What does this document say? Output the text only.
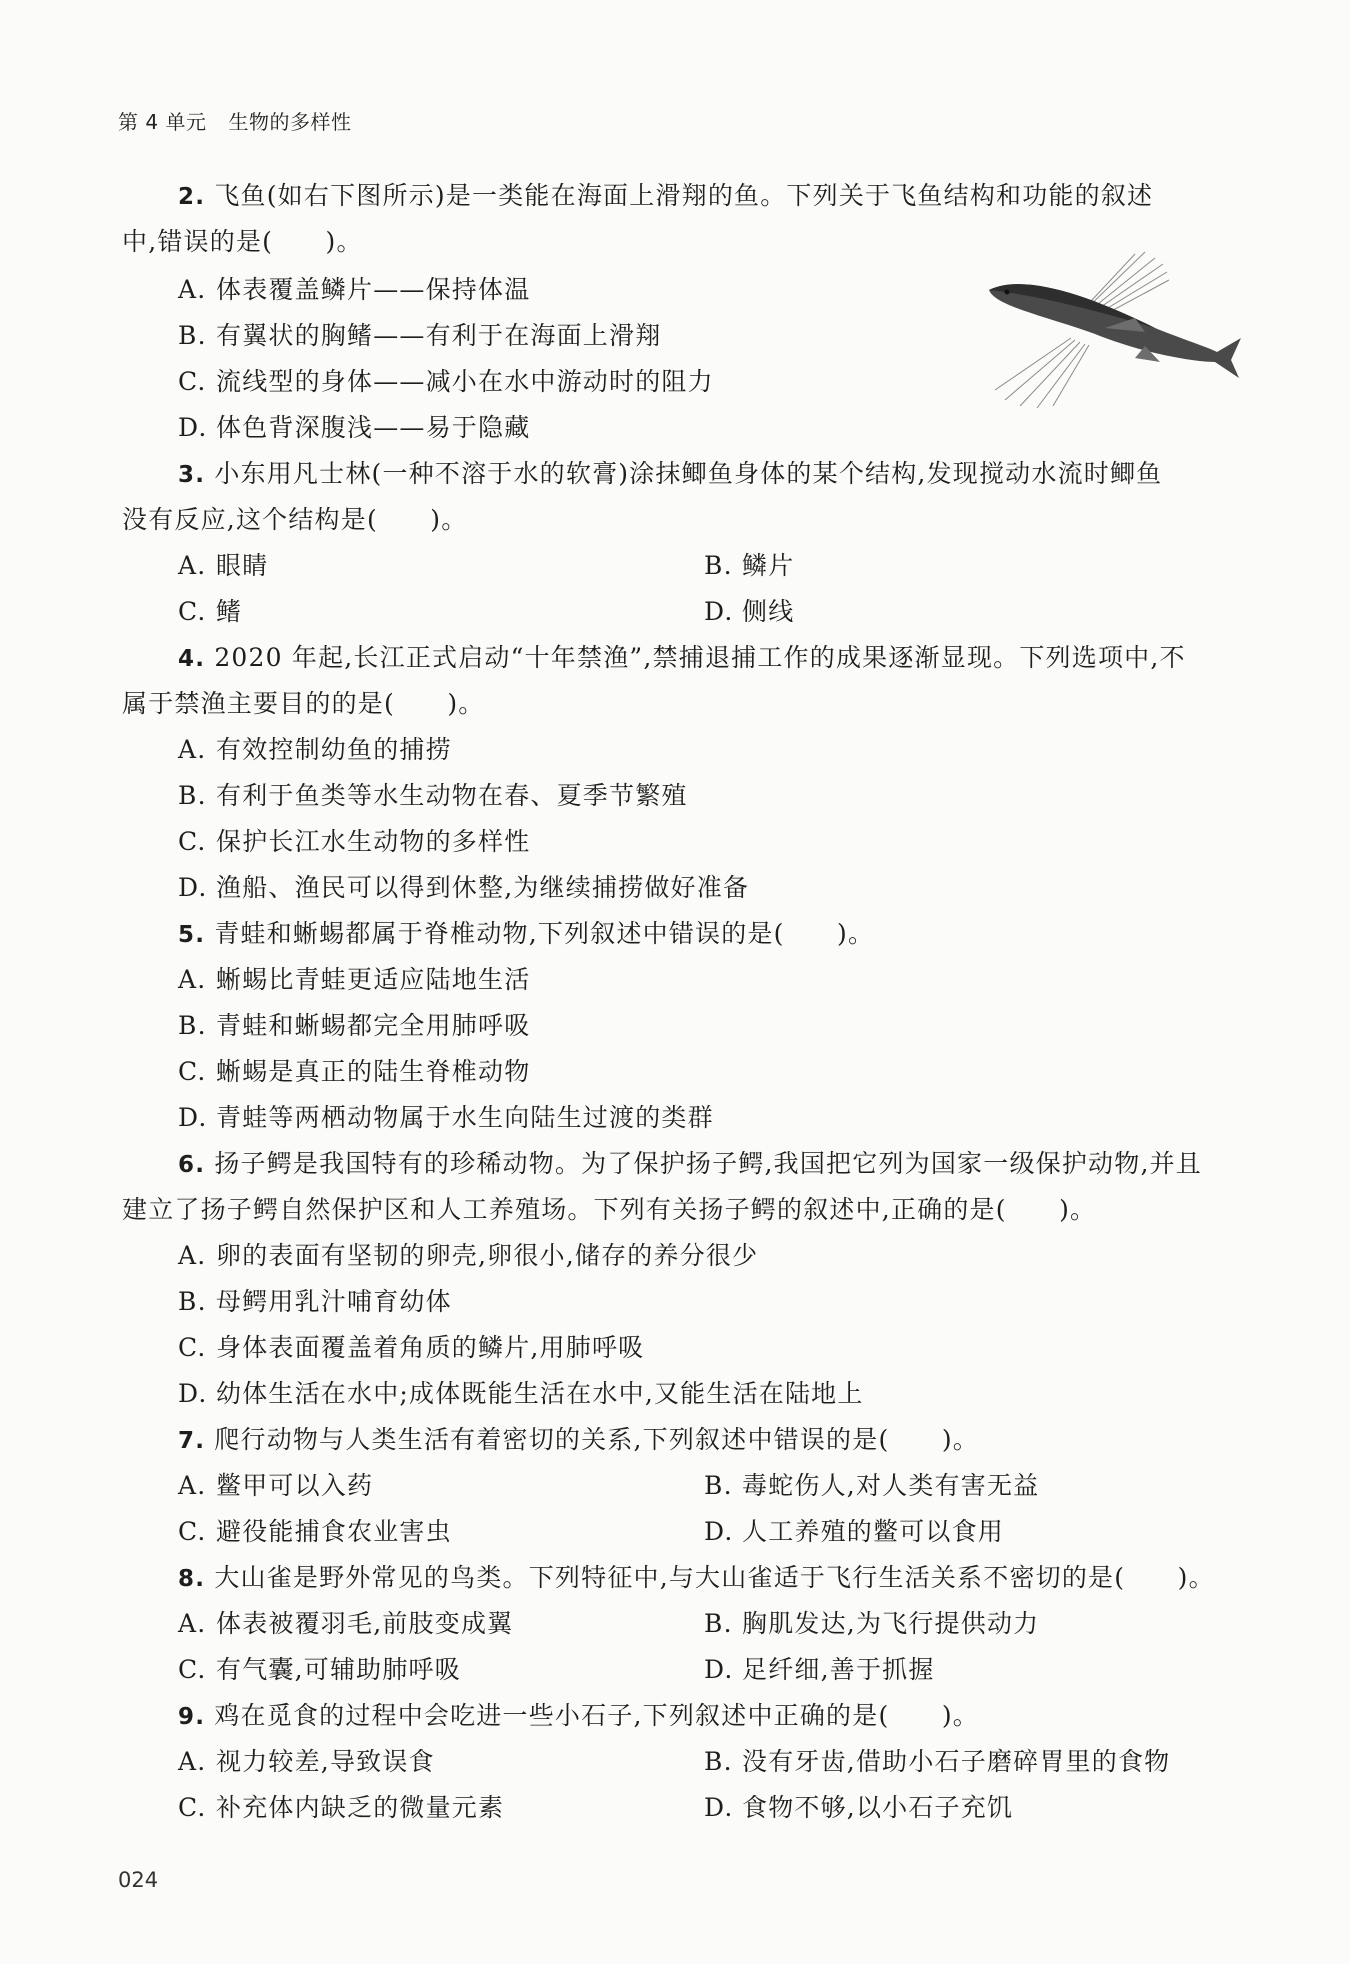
第 4 单元 生物的多样性
2. 飞鱼(如右下图所示)是一类能在海面上滑翔的鱼。下列关于飞鱼结构和功能的叙述
中,错误的是(　　)。
A. 体表覆盖鳞片——保持体温
B. 有翼状的胸鳍——有利于在海面上滑翔
C. 流线型的身体——减小在水中游动时的阻力
D. 体色背深腹浅——易于隐藏
3. 小东用凡士林(一种不溶于水的软膏)涂抹鲫鱼身体的某个结构,发现搅动水流时鲫鱼
没有反应,这个结构是(　　)。
A. 眼睛	B. 鳞片
C. 鳍	D. 侧线
4. 2020 年起,长江正式启动“十年禁渔”,禁捕退捕工作的成果逐渐显现。下列选项中,不
属于禁渔主要目的的是(　　)。
A. 有效控制幼鱼的捕捞
B. 有利于鱼类等水生动物在春、夏季节繁殖
C. 保护长江水生动物的多样性
D. 渔船、渔民可以得到休整,为继续捕捞做好准备
5. 青蛙和蜥蜴都属于脊椎动物,下列叙述中错误的是(　　)。
A. 蜥蜴比青蛙更适应陆地生活
B. 青蛙和蜥蜴都完全用肺呼吸
C. 蜥蜴是真正的陆生脊椎动物
D. 青蛙等两栖动物属于水生向陆生过渡的类群
6. 扬子鳄是我国特有的珍稀动物。为了保护扬子鳄,我国把它列为国家一级保护动物,并且
建立了扬子鳄自然保护区和人工养殖场。下列有关扬子鳄的叙述中,正确的是(　　)。
A. 卵的表面有坚韧的卵壳,卵很小,储存的养分很少
B. 母鳄用乳汁哺育幼体
C. 身体表面覆盖着角质的鳞片,用肺呼吸
D. 幼体生活在水中;成体既能生活在水中,又能生活在陆地上
7. 爬行动物与人类生活有着密切的关系,下列叙述中错误的是(　　)。
A. 鳖甲可以入药	B. 毒蛇伤人,对人类有害无益
C. 避役能捕食农业害虫	D. 人工养殖的鳖可以食用
8. 大山雀是野外常见的鸟类。下列特征中,与大山雀适于飞行生活关系不密切的是(　　)。
A. 体表被覆羽毛,前肢变成翼	B. 胸肌发达,为飞行提供动力
C. 有气囊,可辅助肺呼吸	D. 足纤细,善于抓握
9. 鸡在觅食的过程中会吃进一些小石子,下列叙述中正确的是(　　)。
A. 视力较差,导致误食	B. 没有牙齿,借助小石子磨碎胃里的食物
C. 补充体内缺乏的微量元素	D. 食物不够,以小石子充饥
024
